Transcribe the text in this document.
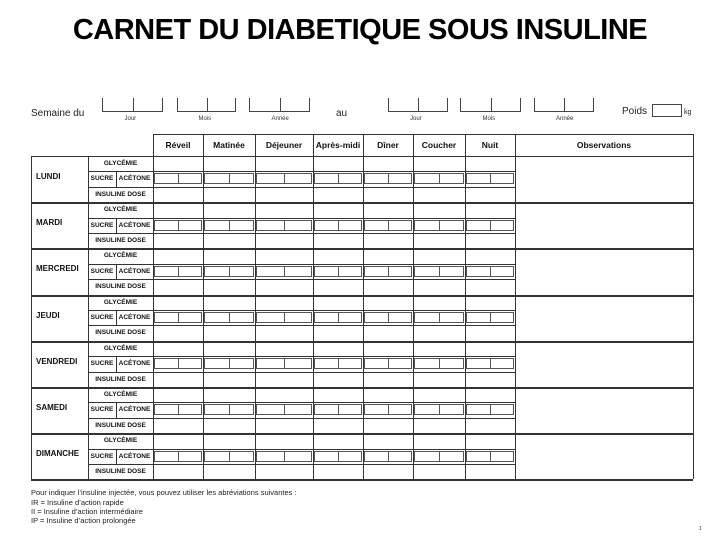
CARNET DU DIABETIQUE SOUS INSULINE
Semaine du	au	Poids	kg
Jour	Mois	Année	Jour	Mois	Année
Réveil	Matinée	Déjeuner	Après-midi	Dîner	Coucher	Nuit	Observations
LUNDI
GLYCÉMIE
SUCRE ACÉTONE
INSULINE DOSE
MARDI
GLYCÉMIE
SUCRE ACÉTONE
INSULINE DOSE
MERCREDI
GLYCÉMIE
SUCRE ACÉTONE
INSULINE DOSE
JEUDI
GLYCÉMIE
SUCRE ACÉTONE
INSULINE DOSE
VENDREDI
GLYCÉMIE
SUCRE ACÉTONE
INSULINE DOSE
SAMEDI
GLYCÉMIE
SUCRE ACÉTONE
INSULINE DOSE
DIMANCHE
GLYCÉMIE
SUCRE ACÉTONE
INSULINE DOSE
Pour indiquer l’insuline injectée, vous pouvez utiliser les abréviations suivantes :
IR = Insuline d’action rapide
II = Insuline d’action intermédiaire
IP = Insuline d’action prolongée
1
